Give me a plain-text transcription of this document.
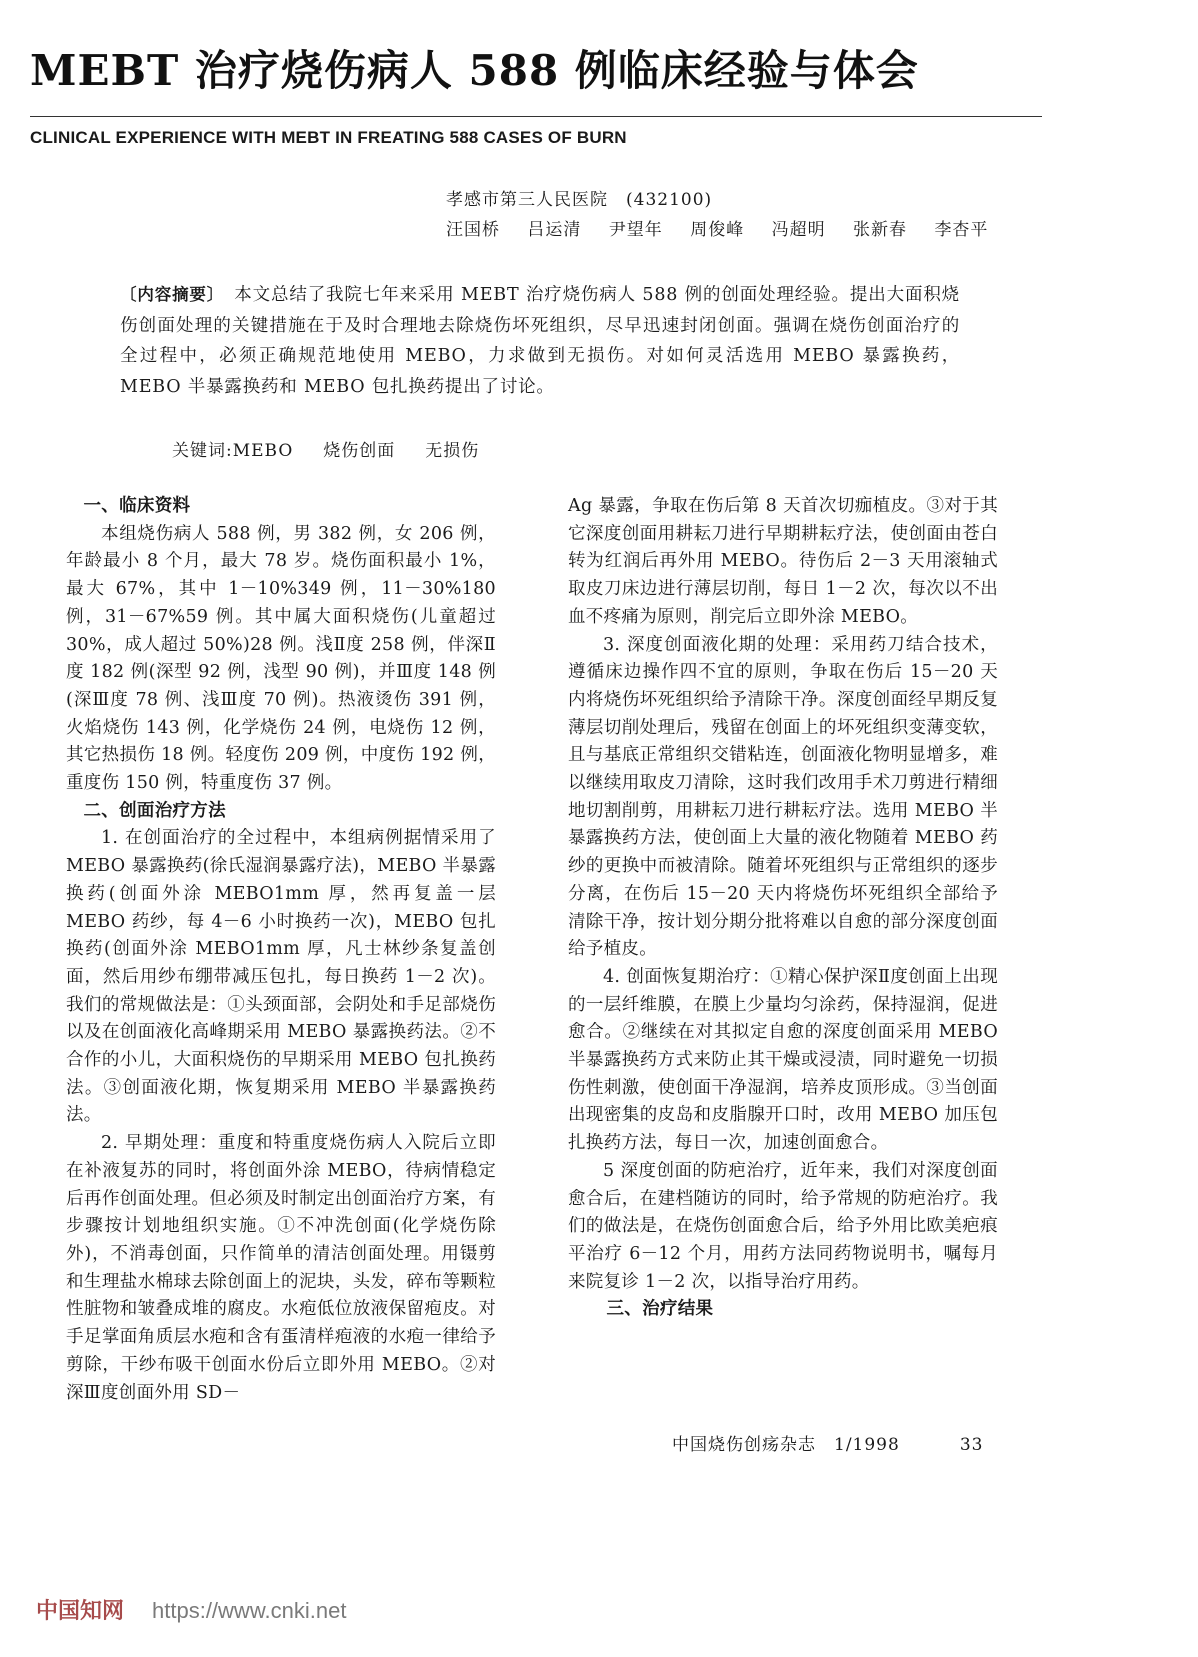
MEBT 治疗烧伤病人 588 例临床经验与体会
CLINICAL EXPERIENCE WITH MEBT IN FREATING 588 CASES OF BURN
孝感市第三人民医院　(432100)
汪国桥 吕运清 尹望年 周俊峰 冯超明 张新春 李杏平
〔内容摘要〕　本文总结了我院七年来采用 MEBT 治疗烧伤病人 588 例的创面处理经验。提出大面积烧伤创面处理的关键措施在于及时合理地去除烧伤坏死组织，尽早迅速封闭创面。强调在烧伤创面治疗的全过程中，必须正确规范地使用 MEBO，力求做到无损伤。对如何灵活选用 MEBO 暴露换药，MEBO 半暴露换药和 MEBO 包扎换药提出了讨论。
关键词:MEBO 烧伤创面 无损伤
一、临床资料

本组烧伤病人 588 例，男 382 例，女 206 例，年龄最小 8 个月，最大 78 岁。烧伤面积最小 1%，最大 67%，其中 1－10%349 例，11－30%180 例，31－67%59 例。其中属大面积烧伤(儿童超过 30%，成人超过 50%)28 例。浅Ⅱ度 258 例，伴深Ⅱ度 182 例(深型 92 例，浅型 90 例)，并Ⅲ度 148 例(深Ⅲ度 78 例、浅Ⅲ度 70 例)。热液烫伤 391 例，火焰烧伤 143 例，化学烧伤 24 例，电烧伤 12 例，其它热损伤 18 例。轻度伤 209 例，中度伤 192 例，重度伤 150 例，特重度伤 37 例。

二、创面治疗方法

1. 在创面治疗的全过程中，本组病例据情采用了 MEBO 暴露换药(徐氏湿润暴露疗法)，MEBO 半暴露换药(创面外涂 MEBO1mm 厚，然再复盖一层 MEBO 药纱，每 4－6 小时换药一次)，MEBO 包扎换药(创面外涂 MEBO1mm 厚，凡士林纱条复盖创面，然后用纱布绷带减压包扎，每日换药 1－2 次)。我们的常规做法是：①头颈面部，会阴处和手足部烧伤以及在创面液化高峰期采用 MEBO 暴露换药法。②不合作的小儿，大面积烧伤的早期采用 MEBO 包扎换药法。③创面液化期，恢复期采用 MEBO 半暴露换药法。

2. 早期处理：重度和特重度烧伤病人入院后立即在补液复苏的同时，将创面外涂 MEBO，待病情稳定后再作创面处理。但必须及时制定出创面治疗方案，有步骤按计划地组织实施。①不冲洗创面(化学烧伤除外)，不消毒创面，只作简单的清洁创面处理。用镊剪和生理盐水棉球去除创面上的泥块，头发，碎布等颗粒性脏物和皱叠成堆的腐皮。水疱低位放液保留疱皮。对手足掌面角质层水疱和含有蛋清样疱液的水疱一律给予剪除，干纱布吸干创面水份后立即外用 MEBO。②对深Ⅲ度创面外用 SD－

Ag 暴露，争取在伤后第 8 天首次切痂植皮。③对于其它深度创面用耕耘刀进行早期耕耘疗法，使创面由苍白转为红润后再外用 MEBO。待伤后 2－3 天用滚轴式取皮刀床边进行薄层切削，每日 1－2 次，每次以不出血不疼痛为原则，削完后立即外涂 MEBO。

3. 深度创面液化期的处理：采用药刀结合技术，遵循床边操作四不宜的原则，争取在伤后 15－20 天内将烧伤坏死组织给予清除干净。深度创面经早期反复薄层切削处理后，残留在创面上的坏死组织变薄变软，且与基底正常组织交错粘连，创面液化物明显增多，难以继续用取皮刀清除，这时我们改用手术刀剪进行精细地切割削剪，用耕耘刀进行耕耘疗法。选用 MEBO 半暴露换药方法，使创面上大量的液化物随着 MEBO 药纱的更换中而被清除。随着坏死组织与正常组织的逐步分离，在伤后 15－20 天内将烧伤坏死组织全部给予清除干净，按计划分期分批将难以自愈的部分深度创面给予植皮。

4. 创面恢复期治疗：①精心保护深Ⅱ度创面上出现的一层纤维膜，在膜上少量均匀涂药，保持湿润，促进愈合。②继续在对其拟定自愈的深度创面采用 MEBO 半暴露换药方式来防止其干燥或浸渍，同时避免一切损伤性刺激，使创面干净湿润，培养皮顶形成。③当创面出现密集的皮岛和皮脂腺开口时，改用 MEBO 加压包扎换药方法，每日一次，加速创面愈合。

5 深度创面的防疤治疗，近年来，我们对深度创面愈合后，在建档随访的同时，给予常规的防疤治疗。我们的做法是，在烧伤创面愈合后，给予外用比欧美疤痕平治疗 6－12 个月，用药方法同药物说明书，嘱每月来院复诊 1－2 次，以指导治疗用药。

三、治疗结果
中国烧伤创疡杂志　1/1998	33
中国知网 https://www.cnki.net
